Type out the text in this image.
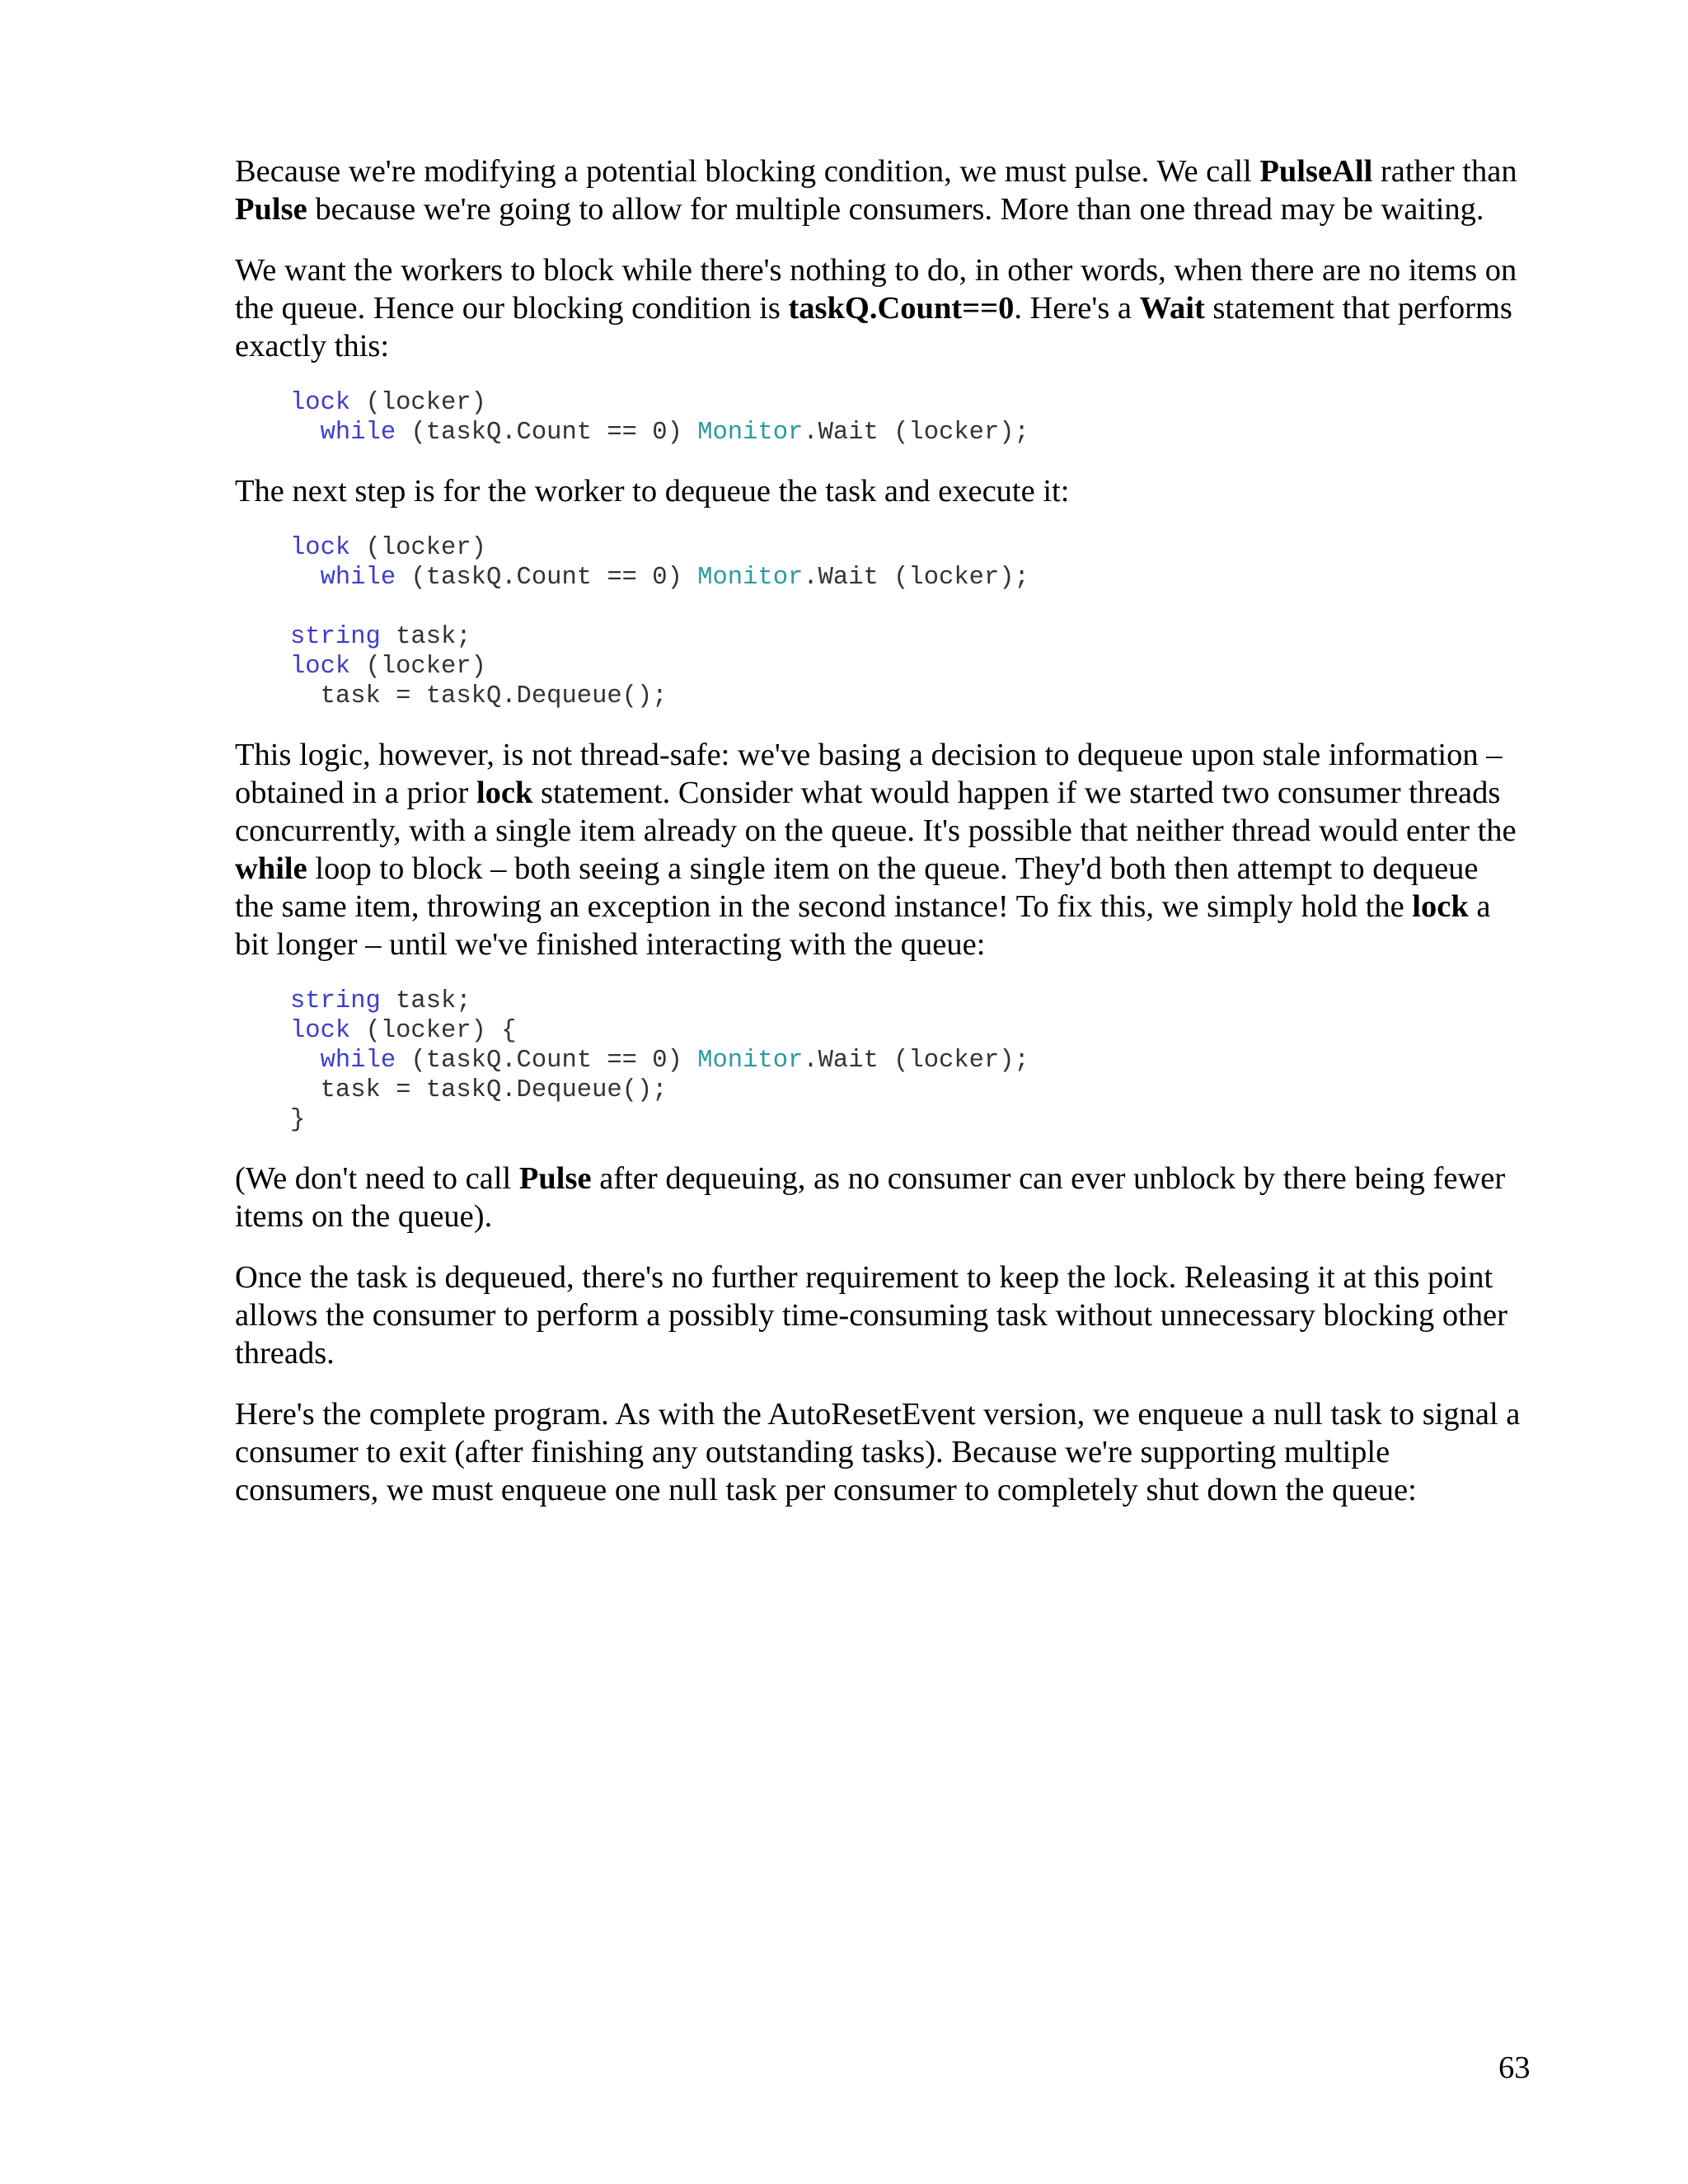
Because we're modifying a potential blocking condition, we must pulse. We call PulseAll rather than Pulse because we're going to allow for multiple consumers. More than one thread may be waiting.

We want the workers to block while there's nothing to do, in other words, when there are no items on the queue. Hence our blocking condition is taskQ.Count==0. Here's a Wait statement that performs exactly this:

lock (locker)
while (taskQ.Count == 0) Monitor.Wait (locker);

The next step is for the worker to dequeue the task and execute it:

lock (locker)
while (taskQ.Count == 0) Monitor.Wait (locker);

string task;
lock (locker)
task = taskQ.Dequeue();

This logic, however, is not thread-safe: we've basing a decision to dequeue upon stale information – obtained in a prior lock statement. Consider what would happen if we started two consumer threads concurrently, with a single item already on the queue. It's possible that neither thread would enter the while loop to block – both seeing a single item on the queue. They'd both then attempt to dequeue the same item, throwing an exception in the second instance! To fix this, we simply hold the lock a bit longer – until we've finished interacting with the queue:

string task;
lock (locker) {
while (taskQ.Count == 0) Monitor.Wait (locker);
task = taskQ.Dequeue();
}

(We don't need to call Pulse after dequeuing, as no consumer can ever unblock by there being fewer items on the queue).

Once the task is dequeued, there's no further requirement to keep the lock. Releasing it at this point allows the consumer to perform a possibly time-consuming task without unnecessary blocking other threads.

Here's the complete program. As with the AutoResetEvent version, we enqueue a null task to signal a consumer to exit (after finishing any outstanding tasks). Because we're supporting multiple consumers, we must enqueue one null task per consumer to completely shut down the queue:

63
